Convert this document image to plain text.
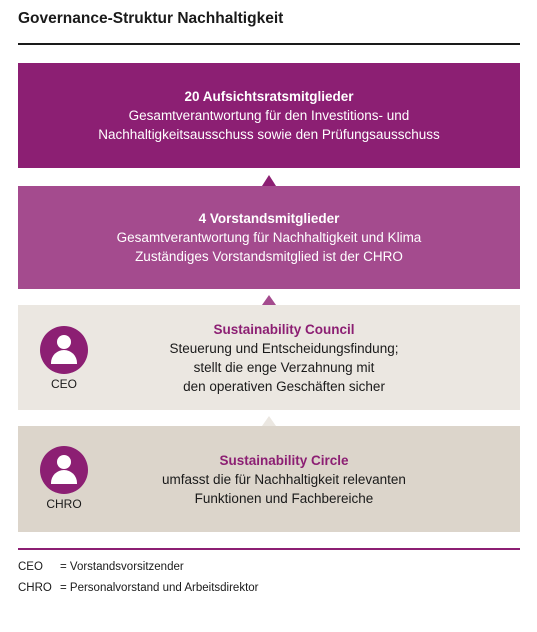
Governance-Struktur Nachhaltigkeit
20 Aufsichtsratsmitglieder
Gesamtverantwortung für den Investitions- und
Nachhaltigkeitsausschuss sowie den Prüfungsausschuss
4 Vorstandsmitglieder
Gesamtverantwortung für Nachhaltigkeit und Klima
Zuständiges Vorstandsmitglied ist der CHRO
Sustainability Council
Steuerung und Entscheidungsfindung;
stellt die enge Verzahnung mit
den operativen Geschäften sicher
CEO
Sustainability Circle
umfasst die für Nachhaltigkeit relevanten
Funktionen und Fachbereiche
CHRO
CEO = Vorstandsvorsitzender
CHRO = Personalvorstand und Arbeitsdirektor
